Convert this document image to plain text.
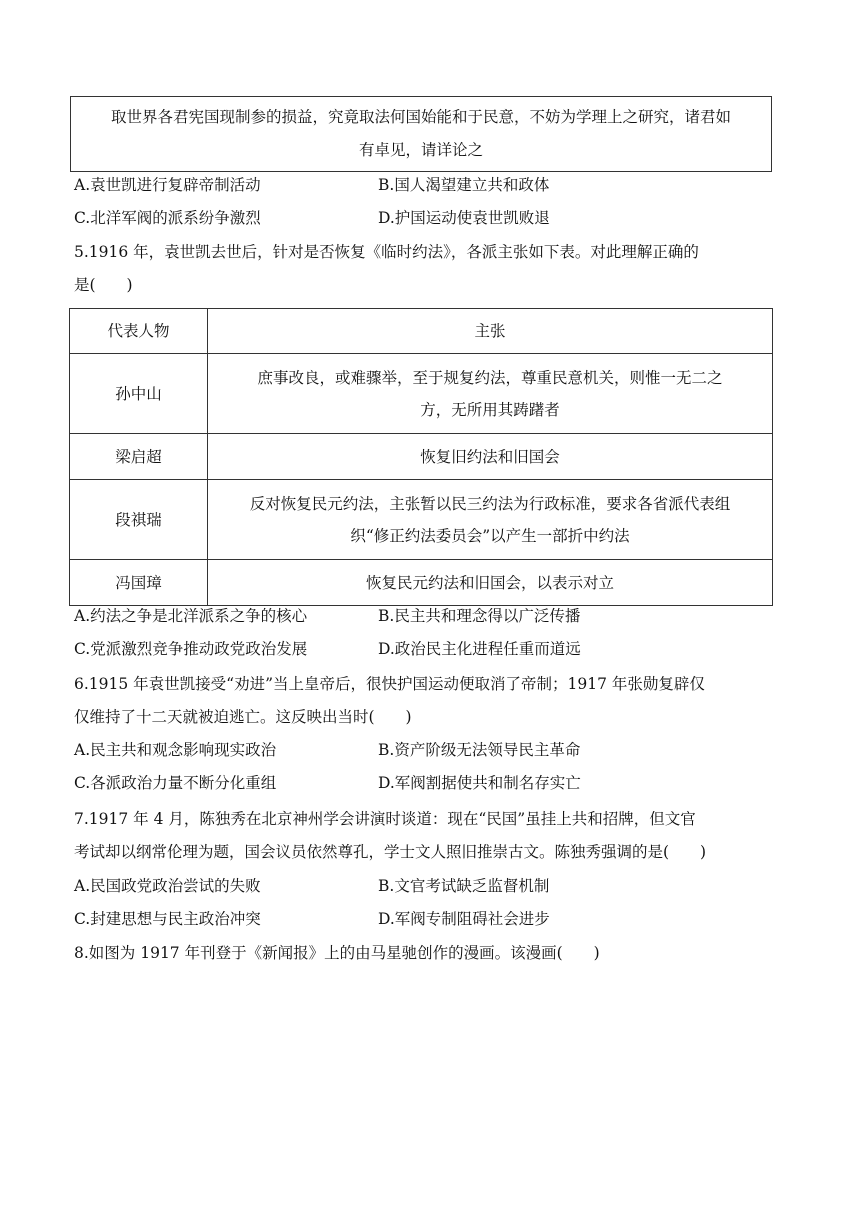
取世界各君宪国现制参的损益，究竟取法何国始能和于民意，不妨为学理上之研究，诸君如
有卓见，请详论之
A.袁世凯进行复辟帝制活动	B.国人渴望建立共和政体
C.北洋军阀的派系纷争激烈	D.护国运动使袁世凯败退
5.1916 年，袁世凯去世后，针对是否恢复《临时约法》，各派主张如下表。对此理解正确的
是(　　)
代表人物	主张
孙中山	庶事改良，或难骤举，至于规复约法，尊重民意机关，则惟一无二之
方，无所用其踌躇者

梁启超	恢复旧约法和旧国会
段祺瑞	反对恢复民元约法，主张暂以民三约法为行政标准，要求各省派代表组
织“修正约法委员会”以产生一部折中约法

冯国璋	恢复民元约法和旧国会，以表示对立
A.约法之争是北洋派系之争的核心	B.民主共和理念得以广泛传播
C.党派激烈竞争推动政党政治发展	D.政治民主化进程任重而道远
6.1915 年袁世凯接受“劝进”当上皇帝后，很快护国运动便取消了帝制；1917 年张勋复辟仅
仅维持了十二天就被迫逃亡。这反映出当时(　　)
A.民主共和观念影响现实政治	B.资产阶级无法领导民主革命
C.各派政治力量不断分化重组	D.军阀割据使共和制名存实亡
7.1917 年 4 月，陈独秀在北京神州学会讲演时谈道：现在“民国”虽挂上共和招牌，但文官
考试却以纲常伦理为题，国会议员依然尊孔，学士文人照旧推崇古文。陈独秀强调的是(　　)
A.民国政党政治尝试的失败	B.文官考试缺乏监督机制
C.封建思想与民主政治冲突	D.军阀专制阻碍社会进步
8.如图为 1917 年刊登于《新闻报》上的由马星驰创作的漫画。该漫画(　　)
